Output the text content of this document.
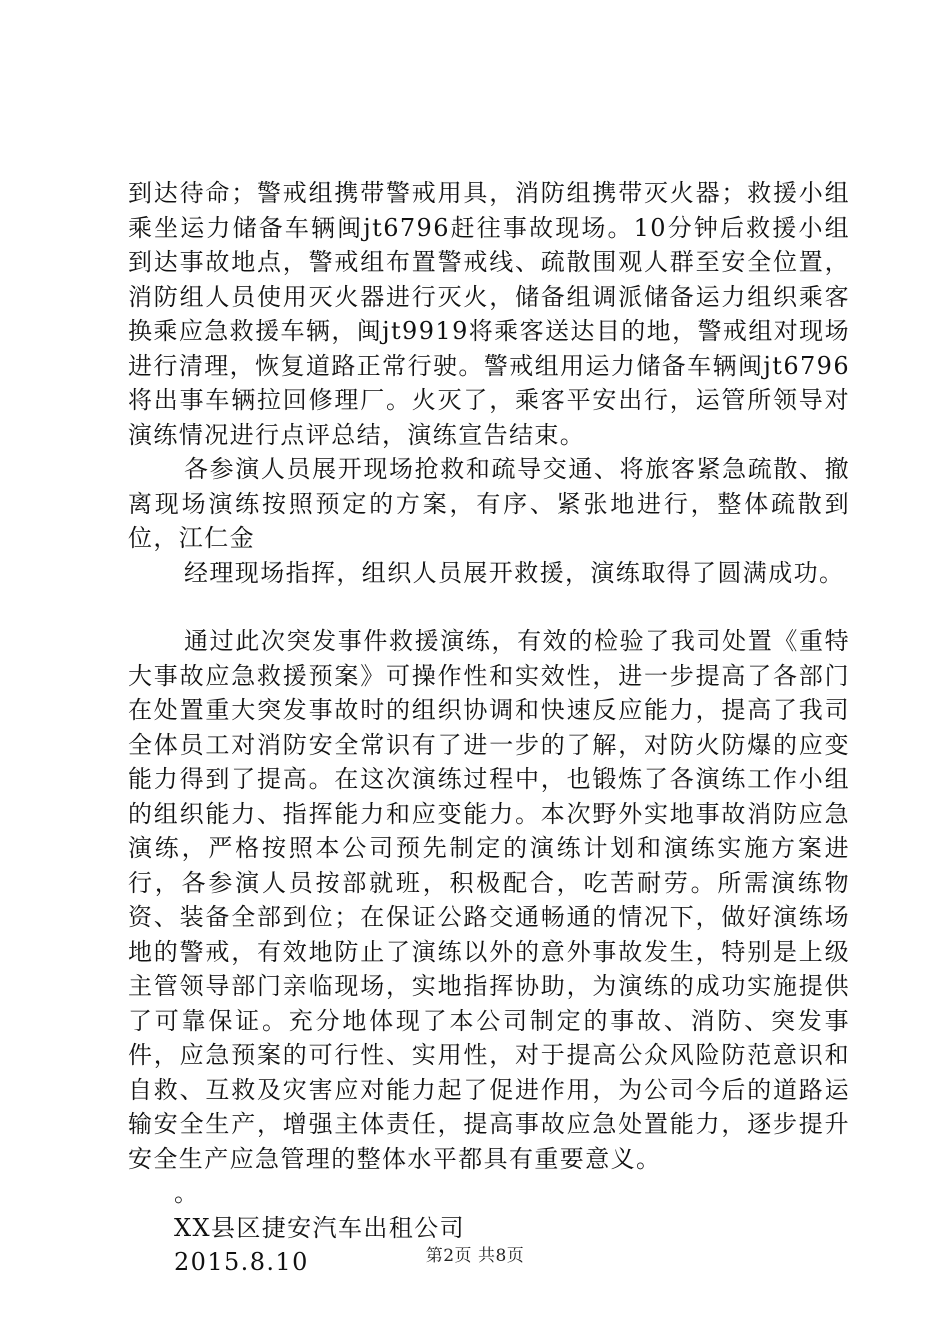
到达待命；警戒组携带警戒用具，消防组携带灭火器；救援小组乘坐运力储备车辆闽jt6796赶往事故现场。10分钟后救援小组到达事故地点，警戒组布置警戒线、疏散围观人群至安全位置，消防组人员使用灭火器进行灭火，储备组调派储备运力组织乘客换乘应急救援车辆，闽jt9919将乘客送达目的地，警戒组对现场进行清理，恢复道路正常行驶。警戒组用运力储备车辆闽jt6796将出事车辆拉回修理厂。火灭了，乘客平安出行，运管所领导对演练情况进行点评总结，演练宣告结束。

各参演人员展开现场抢救和疏导交通、将旅客紧急疏散、撤离现场演练按照预定的方案，有序、紧张地进行，整体疏散到位，江仁金

经理现场指挥，组织人员展开救援，演练取得了圆满成功。

通过此次突发事件救援演练，有效的检验了我司处置《重特大事故应急救援预案》可操作性和实效性，进一步提高了各部门在处置重大突发事故时的组织协调和快速反应能力，提高了我司全体员工对消防安全常识有了进一步的了解，对防火防爆的应变能力得到了提高。在这次演练过程中，也锻炼了各演练工作小组的组织能力、指挥能力和应变能力。本次野外实地事故消防应急演练，严格按照本公司预先制定的演练计划和演练实施方案进行，各参演人员按部就班，积极配合，吃苦耐劳。所需演练物资、装备全部到位；在保证公路交通畅通的情况下，做好演练场地的警戒，有效地防止了演练以外的意外事故发生，特别是上级主管领导部门亲临现场，实地指挥协助，为演练的成功实施提供了可靠保证。充分地体现了本公司制定的事故、消防、突发事件，应急预案的可行性、实用性，对于提高公众风险防范意识和自救、互救及灾害应对能力起了促进作用，为公司今后的道路运输安全生产，增强主体责任，提高事故应急处置能力，逐步提升安全生产应急管理的整体水平都具有重要意义。

。

XX县区捷安汽车出租公司

2015.8.10	第2页 共8页
